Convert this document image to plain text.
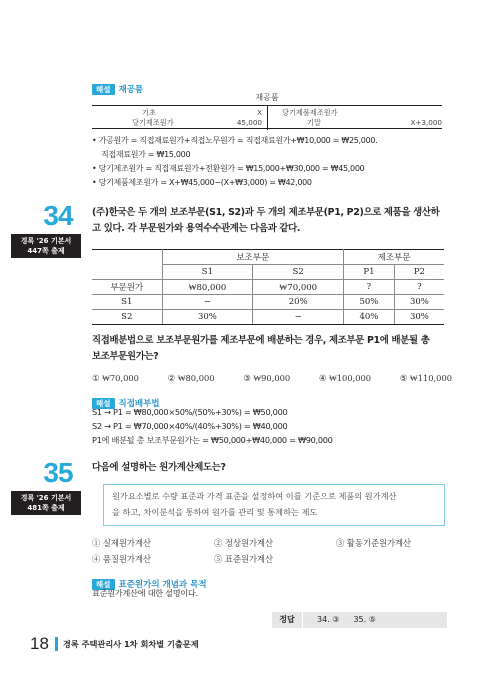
해설 재공품
재공품
기초	X
당기제조원가	45,000
당기제품제조원가
기말	X+3,000
• 가공원가 = 직접재료원가+직접노무원가 = 직접재료원가+₩10,000 = ₩25,000.
직접재료원가 = ₩15,000
• 당기제조원가 = 직접재료원가+전환원가 = ₩15,000+₩30,000 = ₩45,000
• 당기제품제조원가 = X+₩45,000−(X+₩3,000) = ₩42,000
34
경록 '26 기본서
447쪽 출제
(주)한국은 두 개의 보조부문(S1, S2)과 두 개의 제조부문(P1, P2)으로 제품을 생산하
고 있다. 각 부문원가와 용역수수관계는 다음과 같다.
	보조부문		제조부문	
	S1	S2	P1	P2
부문원가	₩80,000	₩70,000	?	?
S1	−	20%	50%	30%
S2	30%	−	40%	30%
직접배분법으로 보조부문원가를 제조부문에 배분하는 경우, 제조부문 P1에 배분될 총
보조부문원가는?
① ₩70,000	② ₩80,000	③ ₩90,000	④ ₩100,000	⑤ ₩110,000
해설 직접배부법
S1 → P1 = ₩80,000×50%/(50%+30%) = ₩50,000
S2 → P1 = ₩70,000×40%/(40%+30%) = ₩40,000
P1에 배분될 총 보조부문원가는 = ₩50,000+₩40,000 = ₩90,000
35
경록 '26 기본서
481쪽 출제
다음에 설명하는 원가계산제도는?
원가요소별로 수량 표준과 가격 표준을 설정하여 이를 기준으로 제품의 원가계산
을 하고, 차이분석을 통하여 원가를 관리 및 통제하는 제도
① 실제원가계산	② 정상원가계산	③ 활동기준원가계산
④ 품질원가계산	⑤ 표준원가계산
해설 표준원가의 개념과 목적
표준원가계산에 대한 설명이다.
정답	34. ③ 35. ⑤
18 경록 주택관리사 1차 회차별 기출문제
